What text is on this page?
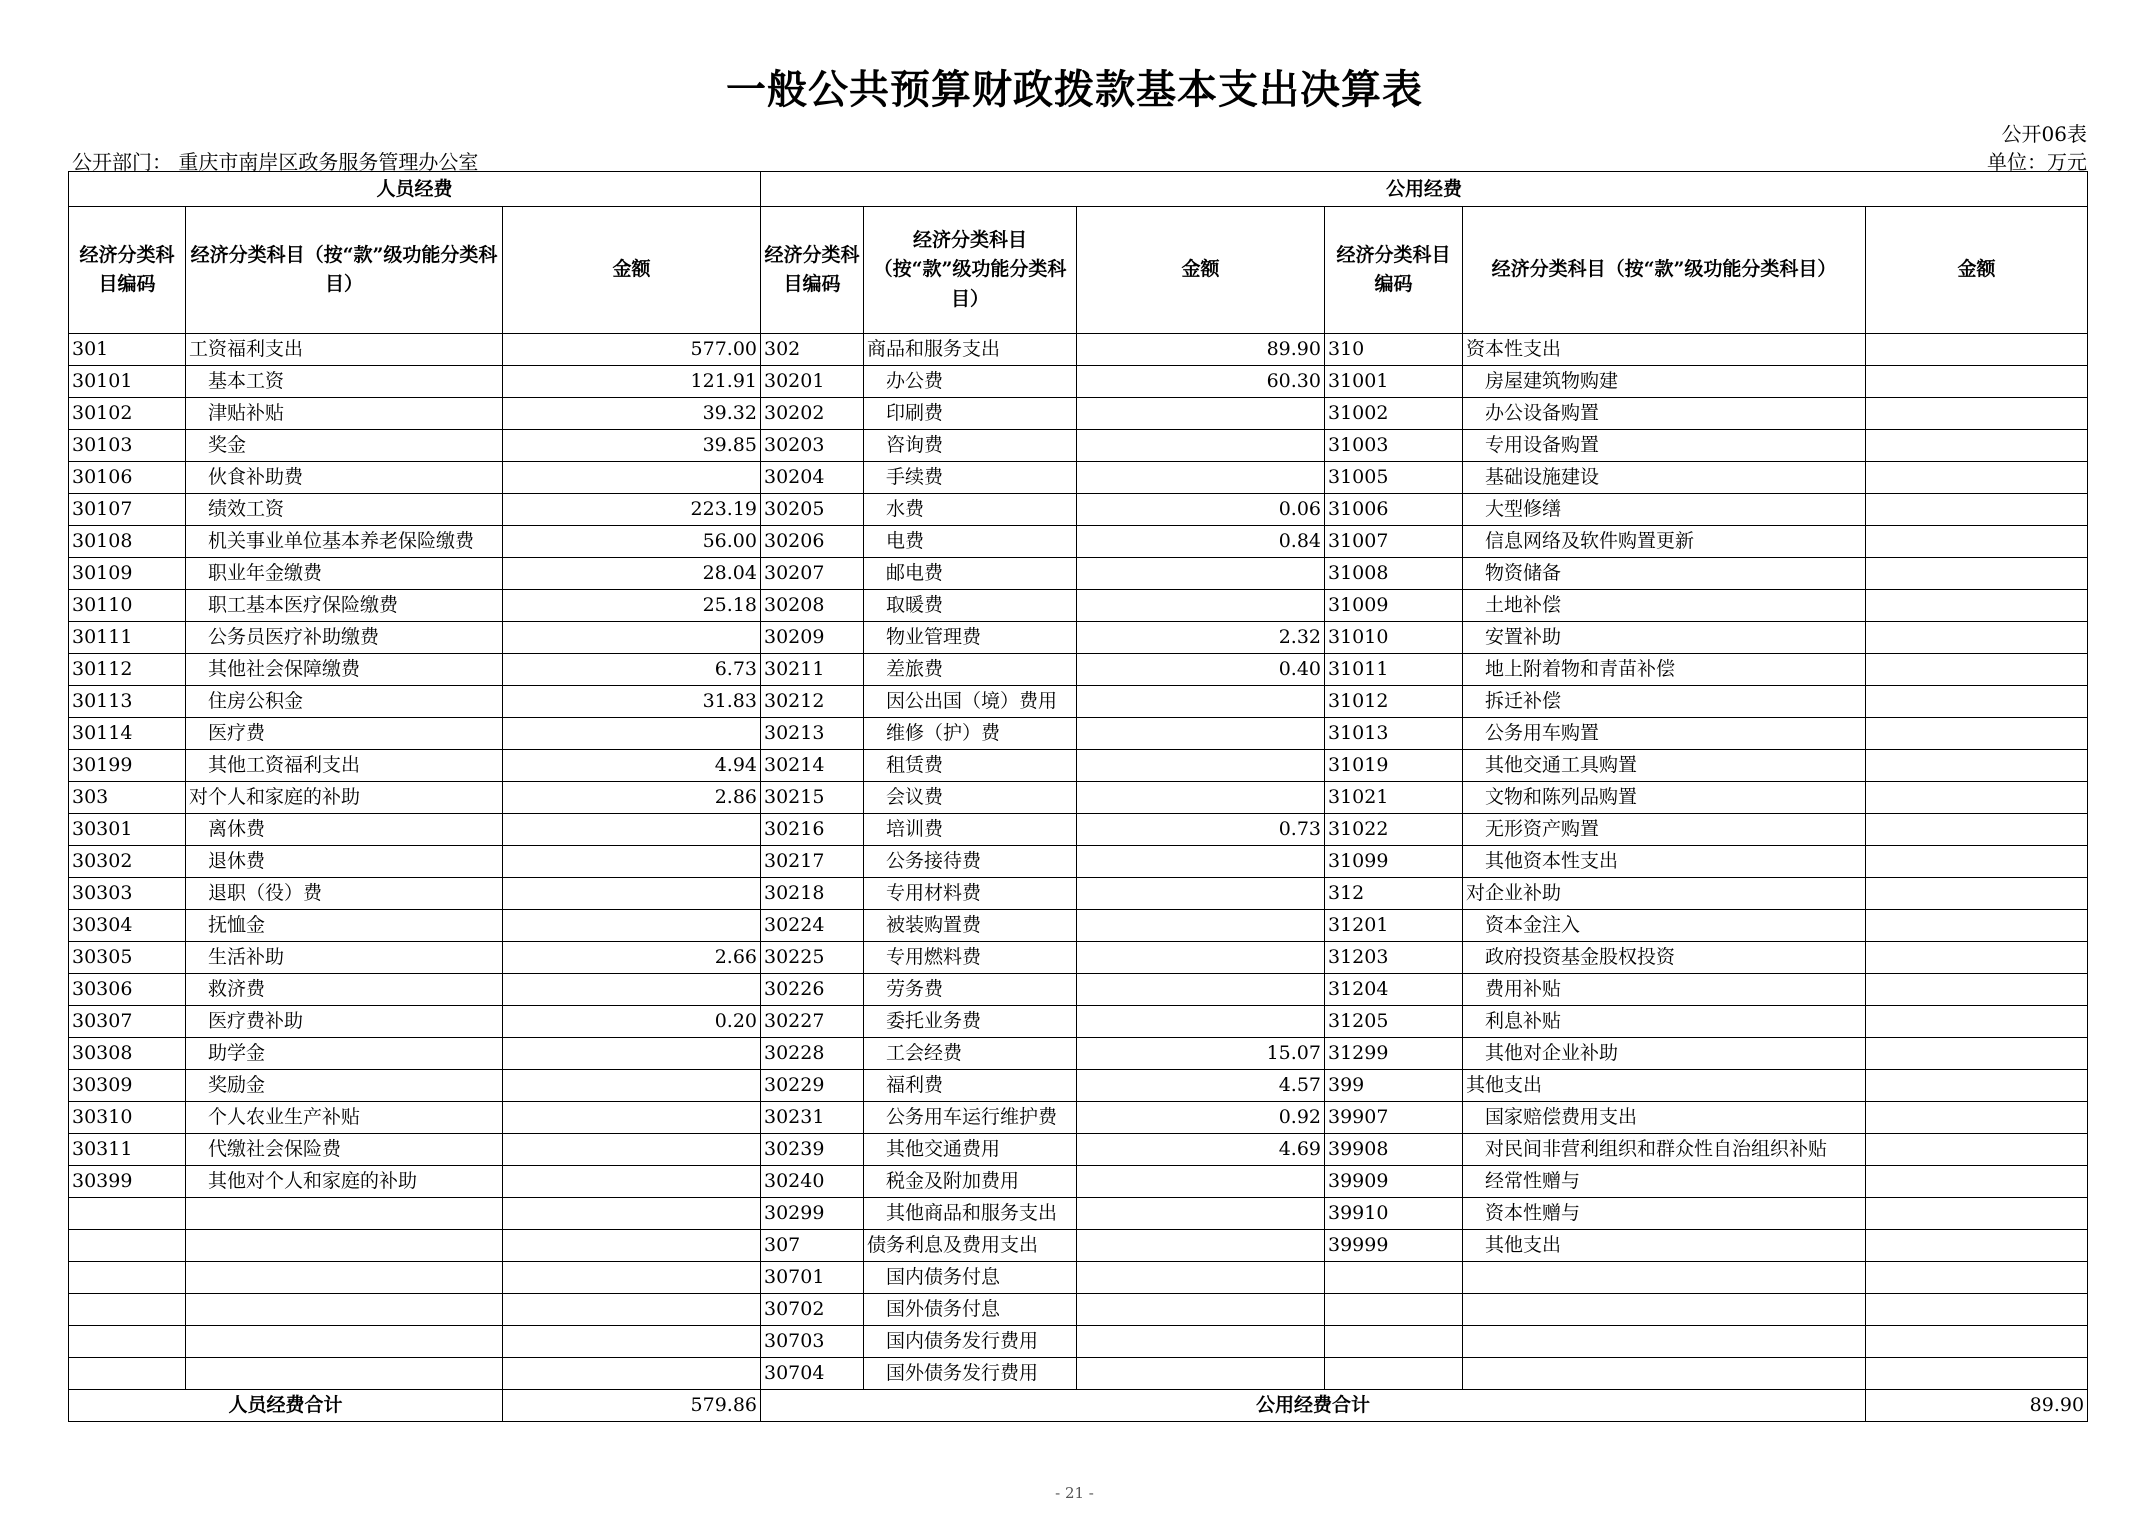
一般公共预算财政拨款基本支出决算表
公开06表
公开部门： 重庆市南岸区政务服务管理办公室	单位：万元
人员经费			公用经费					
经济分类科目编码	经济分类科目（按“款”级功能分类科目）	金额	经济分类科目编码	经济分类科目（按“款”级功能分类科目）	金额	经济分类科目编码	经济分类科目（按“款”级功能分类科目）	金额
301	工资福利支出	577.00	302	商品和服务支出	89.90	310	资本性支出	
30101	基本工资	121.91	30201	办公费	60.30	31001	房屋建筑物购建	
30102	津贴补贴	39.32	30202	印刷费		31002	办公设备购置	
30103	奖金	39.85	30203	咨询费		31003	专用设备购置	
30106	伙食补助费		30204	手续费		31005	基础设施建设	
30107	绩效工资	223.19	30205	水费	0.06	31006	大型修缮	
30108	机关事业单位基本养老保险缴费	56.00	30206	电费	0.84	31007	信息网络及软件购置更新	
30109	职业年金缴费	28.04	30207	邮电费		31008	物资储备	
30110	职工基本医疗保险缴费	25.18	30208	取暖费		31009	土地补偿	
30111	公务员医疗补助缴费		30209	物业管理费	2.32	31010	安置补助	
30112	其他社会保障缴费	6.73	30211	差旅费	0.40	31011	地上附着物和青苗补偿	
30113	住房公积金	31.83	30212	因公出国（境）费用		31012	拆迁补偿	
30114	医疗费		30213	维修（护）费		31013	公务用车购置	
30199	其他工资福利支出	4.94	30214	租赁费		31019	其他交通工具购置	
303	对个人和家庭的补助	2.86	30215	会议费		31021	文物和陈列品购置	
30301	离休费		30216	培训费	0.73	31022	无形资产购置	
30302	退休费		30217	公务接待费		31099	其他资本性支出	
30303	退职（役）费		30218	专用材料费		312	对企业补助	
30304	抚恤金		30224	被装购置费		31201	资本金注入	
30305	生活补助	2.66	30225	专用燃料费		31203	政府投资基金股权投资	
30306	救济费		30226	劳务费		31204	费用补贴	
30307	医疗费补助	0.20	30227	委托业务费		31205	利息补贴	
30308	助学金		30228	工会经费	15.07	31299	其他对企业补助	
30309	奖励金		30229	福利费	4.57	399	其他支出	
30310	个人农业生产补贴		30231	公务用车运行维护费	0.92	39907	国家赔偿费用支出	
30311	代缴社会保险费		30239	其他交通费用	4.69	39908	对民间非营利组织和群众性自治组织补贴	
30399	其他对个人和家庭的补助		30240	税金及附加费用		39909	经常性赠与	
			30299	其他商品和服务支出		39910	资本性赠与	
			307	债务利息及费用支出		39999	其他支出	
			30701	国内债务付息				
			30702	国外债务付息				
			30703	国内债务发行费用				
			30704	国外债务发行费用				
人员经费合计		579.86	公用经费合计					89.90
- 21 -
